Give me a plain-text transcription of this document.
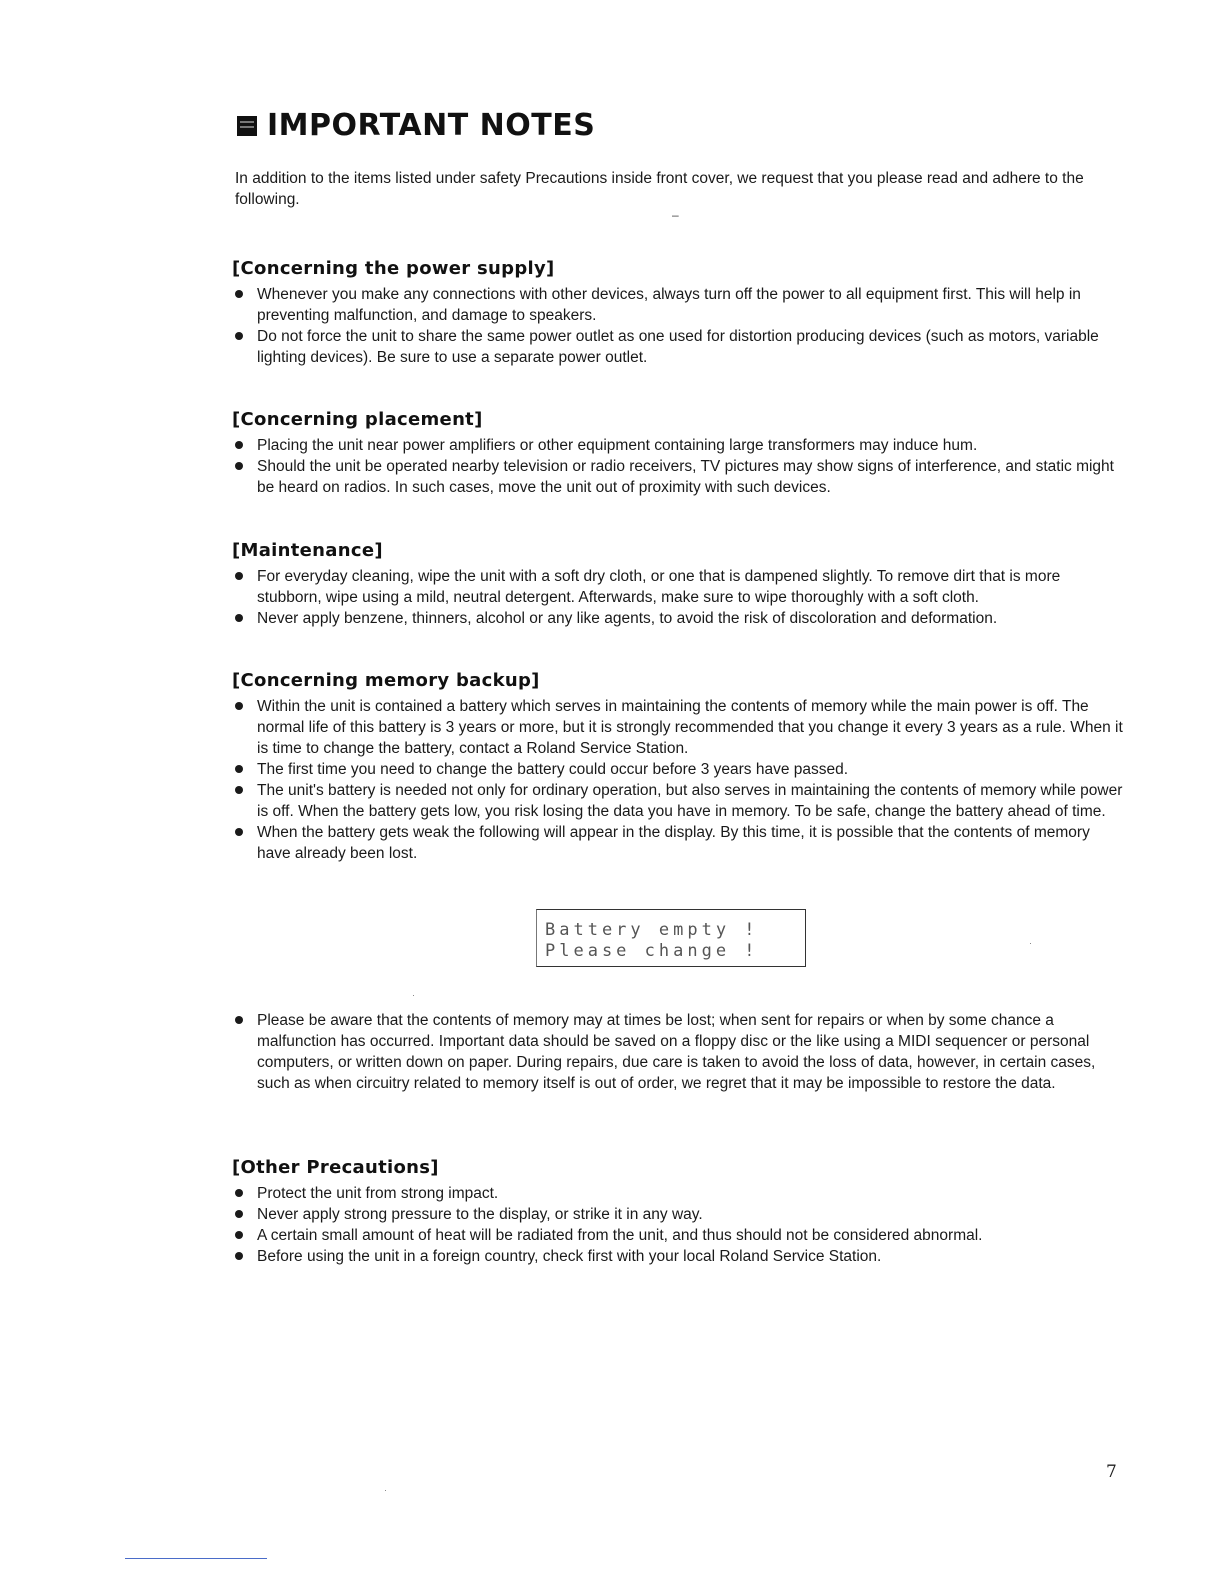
IMPORTANT NOTES

In addition to the items listed under safety Precautions inside front cover, we request that you please read and adhere to the following.

–
[Concerning the power supply]
Whenever you make any connections with other devices, always turn off the power to all equipment first. This will help in preventing malfunction, and damage to speakers.
Do not force the unit to share the same power outlet as one used for distortion producing devices (such as motors, variable lighting devices). Be sure to use a separate power outlet.
[Concerning placement]
Placing the unit near power amplifiers or other equipment containing large transformers may induce hum.
Should the unit be operated nearby television or radio receivers, TV pictures may show signs of interference, and static might be heard on radios. In such cases, move the unit out of proximity with such devices.
[Maintenance]
For everyday cleaning, wipe the unit with a soft dry cloth, or one that is dampened slightly. To remove dirt that is more stubborn, wipe using a mild, neutral detergent. Afterwards, make sure to wipe thoroughly with a soft cloth.
Never apply benzene, thinners, alcohol or any like agents, to avoid the risk of discoloration and deformation.
[Concerning memory backup]
Within the unit is contained a battery which serves in maintaining the contents of memory while the main power is off. The normal life of this battery is 3 years or more, but it is strongly recommended that you change it every 3 years as a rule. When it is time to change the battery, contact a Roland Service Station.
The first time you need to change the battery could occur before 3 years have passed.
The unit's battery is needed not only for ordinary operation, but also serves in maintaining the contents of memory while power is off. When the battery gets low, you risk losing the data you have in memory. To be safe, change the battery ahead of time.
When the battery gets weak the following will appear in the display. By this time, it is possible that the contents of memory have already been lost.
Battery empty !
Please change !
Please be aware that the contents of memory may at times be lost; when sent for repairs or when by some chance a malfunction has occurred. Important data should be saved on a floppy disc or the like using a MIDI sequencer or personal computers, or written down on paper. During repairs, due care is taken to avoid the loss of data, however, in certain cases, such as when circuitry related to memory itself is out of order, we regret that it may be impossible to restore the data.
[Other Precautions]
Protect the unit from strong impact.
Never apply strong pressure to the display, or strike it in any way.
A certain small amount of heat will be radiated from the unit, and thus should not be considered abnormal.
Before using the unit in a foreign country, check first with your local Roland Service Station.
7
